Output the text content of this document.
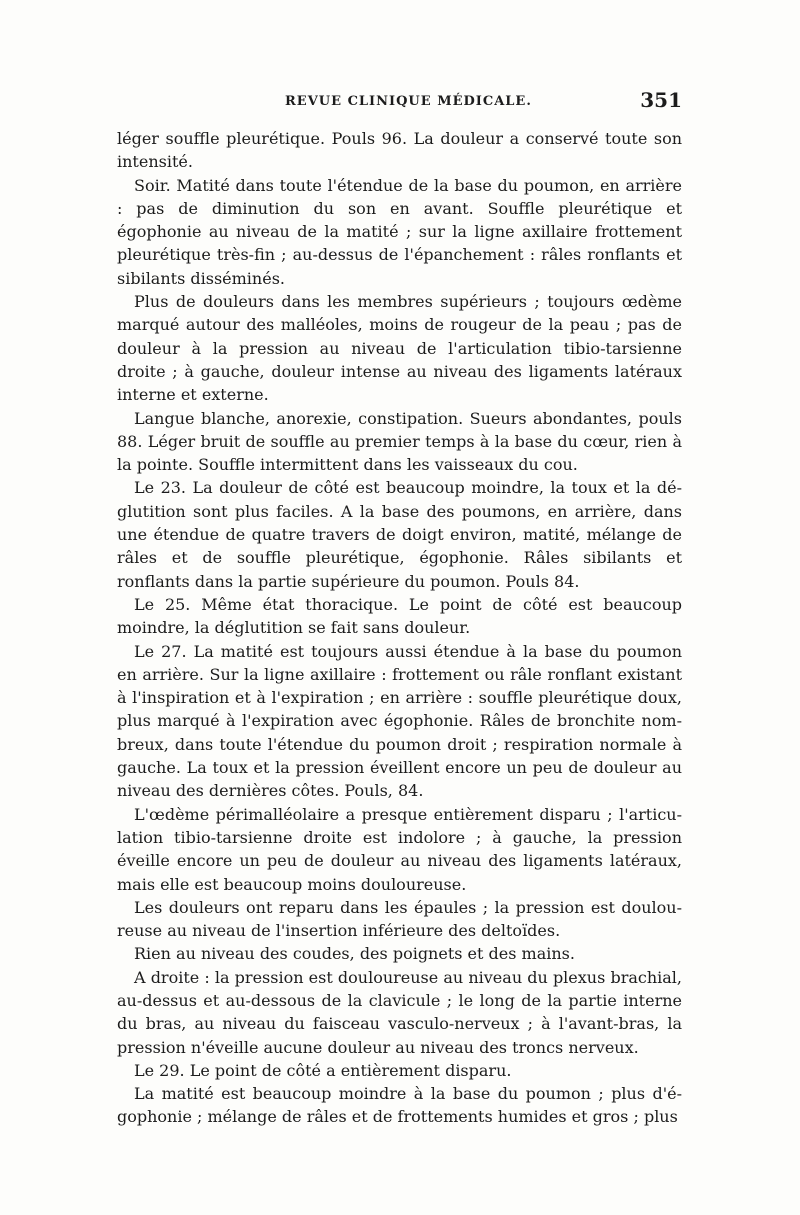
REVUE CLINIQUE MÉDICALE.	351

léger souffle pleurétique. Pouls 96. La douleur a conservé toute son intensité.

Soir. Matité dans toute l'étendue de la base du poumon, en arrière : pas de diminution du son en avant. Souffle pleurétique et égophonie au niveau de la matité ; sur la ligne axillaire frottement pleurétique très-fin ; au-dessus de l'épanchement : râles ronflants et sibilants disséminés.

Plus de douleurs dans les membres supérieurs ; toujours œdème marqué autour des malléoles, moins de rougeur de la peau ; pas de douleur à la pression au niveau de l'articulation tibio-tarsienne droite ; à gauche, douleur intense au niveau des ligaments latéraux interne et externe.

Langue blanche, anorexie, constipation. Sueurs abondantes, pouls 88. Léger bruit de souffle au premier temps à la base du cœur, rien à la pointe. Souffle intermittent dans les vaisseaux du cou.

Le 23. La douleur de côté est beaucoup moindre, la toux et la déglutition sont plus faciles. A la base des poumons, en arrière, dans une étendue de quatre travers de doigt environ, matité, mélange de râles et de souffle pleurétique, égophonie. Râles sibilants et ronflants dans la partie supérieure du poumon. Pouls 84.

Le 25. Même état thoracique. Le point de côté est beaucoup moindre, la déglutition se fait sans douleur.

Le 27. La matité est toujours aussi étendue à la base du poumon en arrière. Sur la ligne axillaire : frottement ou râle ronflant existant à l'inspiration et à l'expiration ; en arrière : souffle pleurétique doux, plus marqué à l'expiration avec égophonie. Râles de bronchite nombreux, dans toute l'étendue du poumon droit ; respiration normale à gauche. La toux et la pression éveillent encore un peu de douleur au niveau des dernières côtes. Pouls, 84.

L'œdème périmalléolaire a presque entièrement disparu ; l'articulation tibio-tarsienne droite est indolore ; à gauche, la pression éveille encore un peu de douleur au niveau des ligaments latéraux, mais elle est beaucoup moins douloureuse.

Les douleurs ont reparu dans les épaules ; la pression est douloureuse au niveau de l'insertion inférieure des deltoïdes.

Rien au niveau des coudes, des poignets et des mains.

A droite : la pression est douloureuse au niveau du plexus brachial, au-dessus et au-dessous de la clavicule ; le long de la partie interne du bras, au niveau du faisceau vasculo-nerveux ; à l'avant-bras, la pression n'éveille aucune douleur au niveau des troncs nerveux.

Le 29. Le point de côté a entièrement disparu.

La matité est beaucoup moindre à la base du poumon ; plus d'égophonie ; mélange de râles et de frottements humides et gros ; plus
